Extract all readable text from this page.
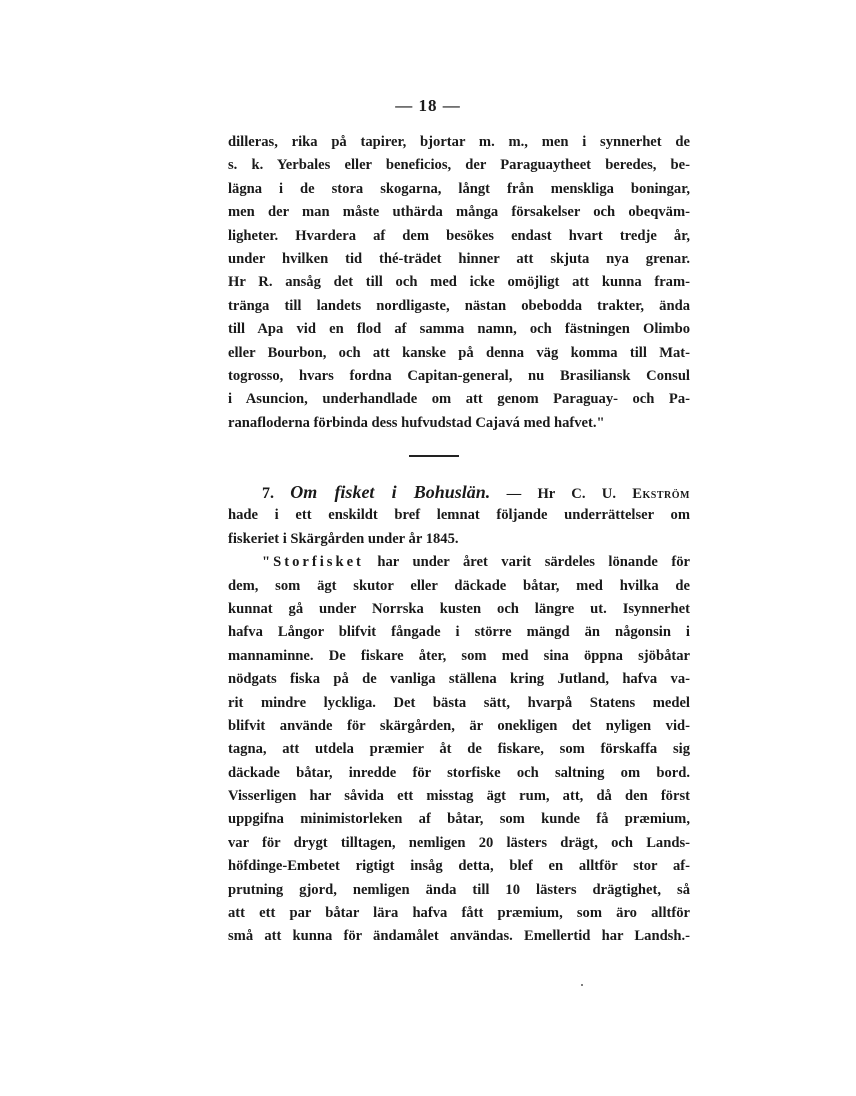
— 18 —
dilleras, rika på tapirer, bjortar m. m., men i synnerhet de
s. k. Yerbales eller beneficios, der Paraguaytheet beredes, be-
lägna i de stora skogarna, långt från menskliga boningar,
men der man måste uthärda många försakelser och obeqväm-
ligheter. Hvardera af dem besökes endast hvart tredje år,
under hvilken tid thé-trädet hinner att skjuta nya grenar.
Hr R. ansåg det till och med icke omöjligt att kunna fram-
tränga till landets nordligaste, nästan obebodda trakter, ända
till Apa vid en flod af samma namn, och fästningen Olimbo
eller Bourbon, och att kanske på denna väg komma till Mat-
togrosso, hvars fordna Capitan-general, nu Brasiliansk Consul
i Asuncion, underhandlade om att genom Paraguay- och Pa-
ranafloderna förbinda dess hufvudstad Cajavá med hafvet."
7. Om fisket i Bohuslän. — Hr C. U. Ekström
hade i ett enskildt bref lemnat följande underrättelser om
fiskeriet i Skärgården under år 1845.
"Storfisket har under året varit särdeles lönande för
dem, som ägt skutor eller däckade båtar, med hvilka de
kunnat gå under Norrska kusten och längre ut. Isynnerhet
hafva Långor blifvit fångade i större mängd än någonsin i
mannaminne. De fiskare åter, som med sina öppna sjöbåtar
nödgats fiska på de vanliga ställena kring Jutland, hafva va-
rit mindre lyckliga. Det bästa sätt, hvarpå Statens medel
blifvit använde för skärgården, är onekligen det nyligen vid-
tagna, att utdela præmier åt de fiskare, som förskaffa sig
däckade båtar, inredde för storfiske och saltning om bord.
Visserligen har såvida ett misstag ägt rum, att, då den först
uppgifna minimistorleken af båtar, som kunde få præmium,
var för drygt tilltagen, nemligen 20 lästers drägt, och Lands-
höfdinge-Embetet rigtigt insåg detta, blef en alltför stor af-
prutning gjord, nemligen ända till 10 lästers drägtighet, så
att ett par båtar lära hafva fått præmium, som äro alltför
små att kunna för ändamålet användas. Emellertid har Landsh.-
